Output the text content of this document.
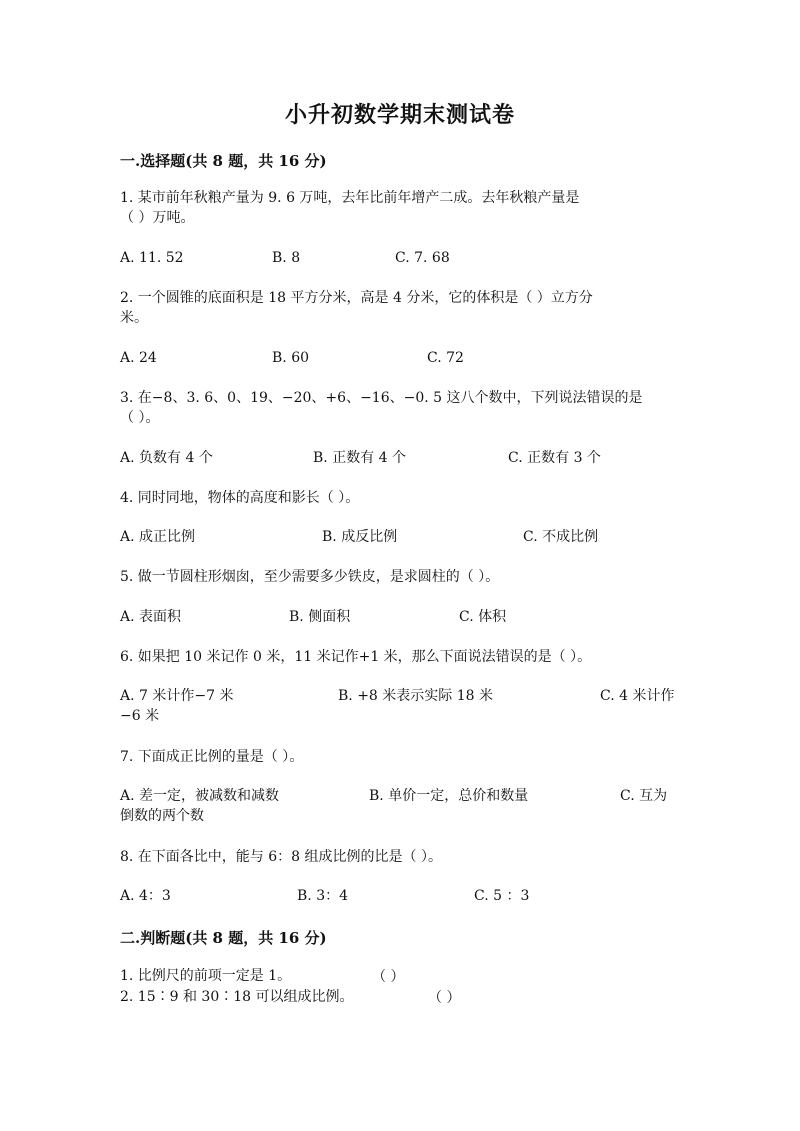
小升初数学期末测试卷
一.选择题(共 8 题，共 16 分)
1. 某市前年秋粮产量为 9. 6 万吨，去年比前年增产二成。去年秋粮产量是
（ ）万吨。
A. 11. 52	B. 8	C. 7. 68
2. 一个圆锥的底面积是 18 平方分米，高是 4 分米，它的体积是（ ）立方分
米。
A. 24	B. 60	C. 72
3. 在−8、3. 6、0、19、−20、+6、−16、−0. 5 这八个数中，下列说法错误的是
（ ）。
A. 负数有 4 个	B. 正数有 4 个	C. 正数有 3 个
4. 同时同地，物体的高度和影长（ ）。
A. 成正比例	B. 成反比例	C. 不成比例
5. 做一节圆柱形烟囱，至少需要多少铁皮，是求圆柱的（ ）。
A. 表面积	B. 侧面积	C. 体积
6. 如果把 10 米记作 0 米，11 米记作+1 米，那么下面说法错误的是（ ）。
A. 7 米计作−7 米	B. +8 米表示实际 18 米	C. 4 米计作
−6 米
7. 下面成正比例的量是（ ）。
A. 差一定，被减数和减数	B. 单价一定，总价和数量	C. 互为
倒数的两个数
8. 在下面各比中，能与 6：8 组成比例的比是（ ）。
A. 4：3	B. 3：4	C. 5 ：3
二.判断题(共 8 题，共 16 分)
1. 比例尺的前项一定是 1。	（ ）
2. 15∶9 和 30∶18 可以组成比例。	（ ）
